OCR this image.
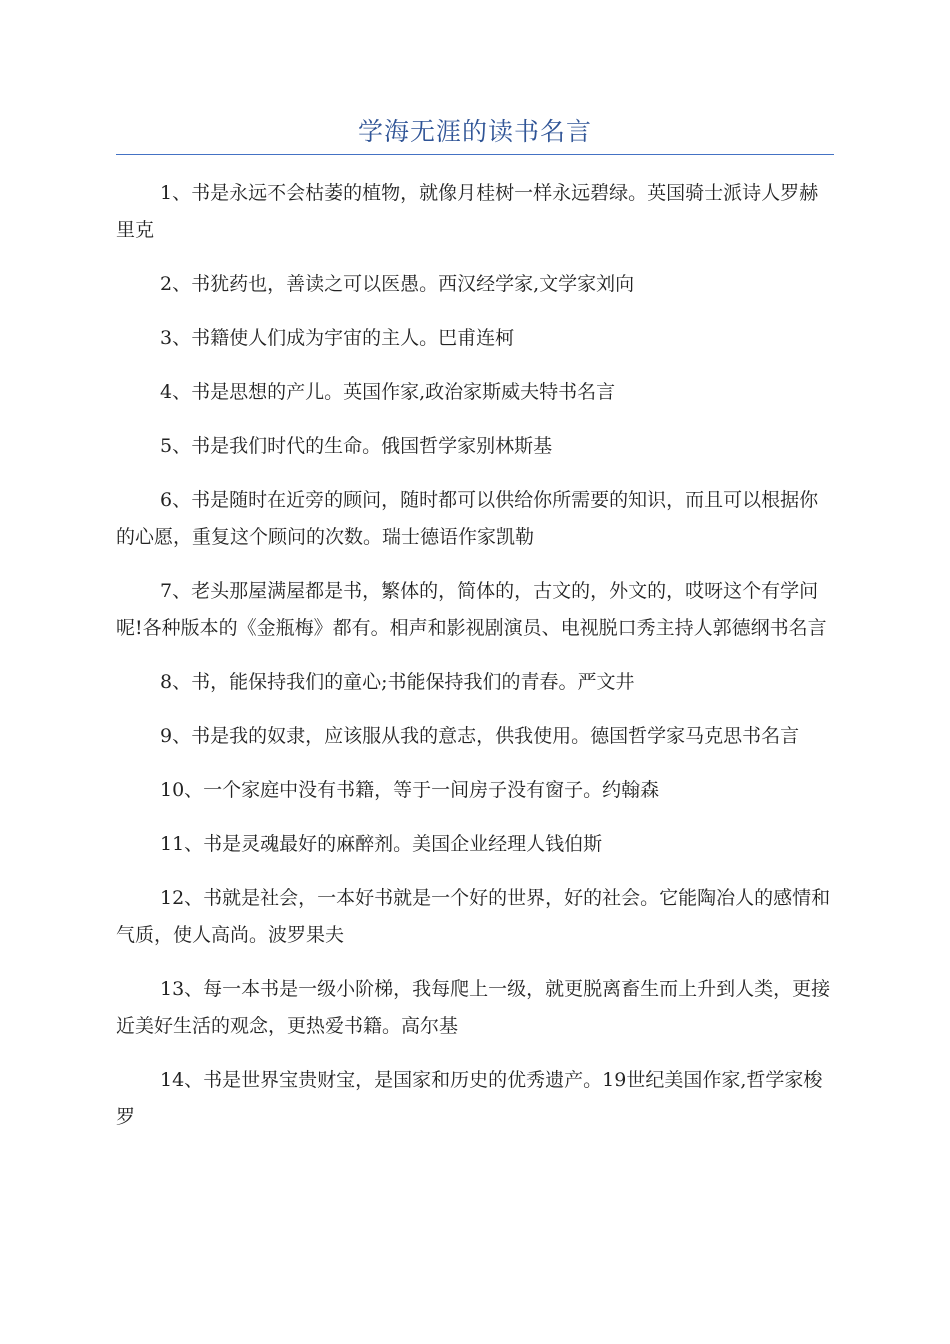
学海无涯的读书名言

1、书是永远不会枯萎的植物，就像月桂树一样永远碧绿。英国骑士派诗人罗赫里克

2、书犹药也，善读之可以医愚。西汉经学家,文学家刘向

3、书籍使人们成为宇宙的主人。巴甫连柯

4、书是思想的产儿。英国作家,政治家斯威夫特书名言

5、书是我们时代的生命。俄国哲学家别林斯基

6、书是随时在近旁的顾问，随时都可以供给你所需要的知识，而且可以根据你的心愿，重复这个顾问的次数。瑞士德语作家凯勒

7、老头那屋满屋都是书，繁体的，简体的，古文的，外文的，哎呀这个有学问呢!各种版本的《金瓶梅》都有。相声和影视剧演员、电视脱口秀主持人郭德纲书名言

8、书，能保持我们的童心;书能保持我们的青春。严文井

9、书是我的奴隶，应该服从我的意志，供我使用。德国哲学家马克思书名言

10、一个家庭中没有书籍，等于一间房子没有窗子。约翰森

11、书是灵魂最好的麻醉剂。美国企业经理人钱伯斯

12、书就是社会，一本好书就是一个好的世界，好的社会。它能陶冶人的感情和气质，使人高尚。波罗果夫

13、每一本书是一级小阶梯，我每爬上一级，就更脱离畜生而上升到人类，更接近美好生活的观念，更热爱书籍。高尔基

14、书是世界宝贵财宝，是国家和历史的优秀遗产。19世纪美国作家,哲学家梭罗
